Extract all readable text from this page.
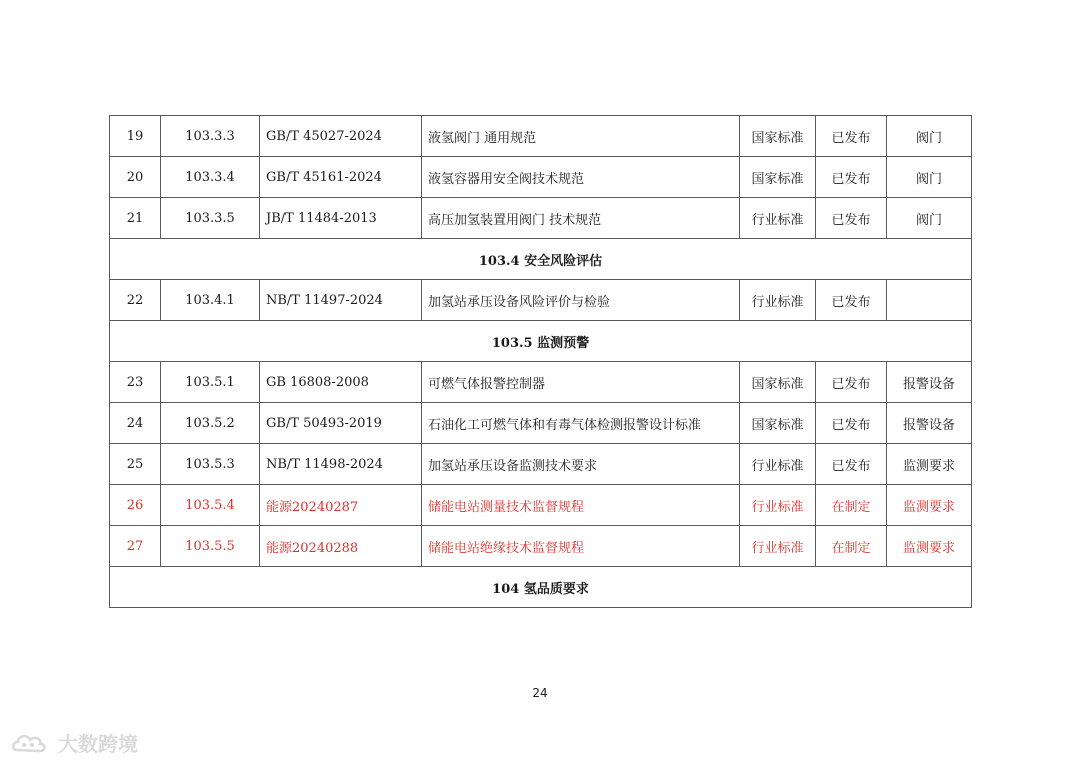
19	103.3.3	GB/T 45027-2024	液氢阀门 通用规范	国家标准	已发布	阀门
20	103.3.4	GB/T 45161-2024	液氢容器用安全阀技术规范	国家标准	已发布	阀门
21	103.3.5	JB/T 11484-2013	高压加氢装置用阀门 技术规范	行业标准	已发布	阀门
103.4 安全风险评估						
22	103.4.1	NB/T 11497-2024	加氢站承压设备风险评价与检验	行业标准	已发布	
103.5 监测预警						
23	103.5.1	GB 16808-2008	可燃气体报警控制器	国家标准	已发布	报警设备
24	103.5.2	GB/T 50493-2019	石油化工可燃气体和有毒气体检测报警设计标准	国家标准	已发布	报警设备
25	103.5.3	NB/T 11498-2024	加氢站承压设备监测技术要求	行业标准	已发布	监测要求
26	103.5.4	能源20240287	储能电站测量技术监督规程	行业标准	在制定	监测要求
27	103.5.5	能源20240288	储能电站绝缘技术监督规程	行业标准	在制定	监测要求
104 氢品质要求						
24
大数跨境
